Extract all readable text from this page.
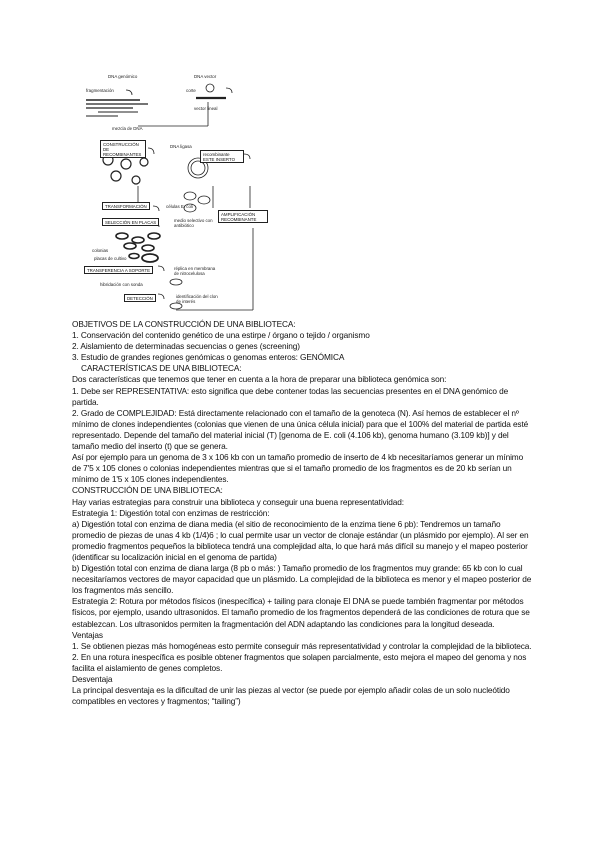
DNA genómico	DNA vector
fragmentación	corte
vector lineal
mezcla de DNA
CONSTRUCCIÓN DE RECOMBINANTES
DNA ligasa
recombinante ESTE INSERTO
TRANSFORMACIÓN	células E. coli
SELECCIÓN EN PLACAS	medio selectivo con antibiótico
AMPLIFICACIÓN RECOMBINANTE
colonias
placas de cultivo
TRANSFERENCIA A SOPORTE	réplica en membrana de nitrocelulosa
hibridación con sonda
DETECCIÓN	identificación del clon de interés

OBJETIVOS DE LA CONSTRUCCIÓN DE UNA BIBLIOTECA:

1. Conservación del contenido genético de una estirpe / órgano o tejido / organismo

2. Aislamiento de determinadas secuencias o genes (screening)

3. Estudio de grandes regiones genómicas o genomas enteros: GENÓMICA

CARACTERÍSTICAS DE UNA BIBLIOTECA:

Dos características que tenemos que tener en cuenta a la hora de preparar una biblioteca genómica son:

1. Debe ser REPRESENTATIVA: esto significa que debe contener todas las secuencias presentes en el DNA genómico de partida.

2. Grado de COMPLEJIDAD: Está directamente relacionado con el tamaño de la genoteca (N). Así hemos de establecer el nº mínimo de clones independientes (colonias que vienen de una única célula inicial) para que el 100% del material de partida esté representado. Depende del tamaño del material inicial (T) [genoma de E. coli (4.106 kb), genoma humano (3.109 kb)] y del tamaño medio del inserto (t) que se genera.

Así por ejemplo para un genoma de 3 x 106 kb con un tamaño promedio de inserto de 4 kb necesitaríamos generar un mínimo de 7'5 x 105 clones o colonias independientes mientras que si el tamaño promedio de los fragmentos es de 20 kb serían un mínimo de 1'5 x 105 clones independientes.

CONSTRUCCIÓN DE UNA BIBLIOTECA:

Hay varias estrategias para construir una biblioteca y conseguir una buena representatividad:

Estrategia 1: Digestión total con enzimas de restricción:

a) Digestión total con enzima de diana media (el sitio de reconocimiento de la enzima tiene 6 pb): Tendremos un tamaño promedio de piezas de unas 4 kb (1/4)6 ; lo cual permite usar un vector de clonaje estándar (un plásmido por ejemplo). Al ser en promedio fragmentos pequeños la biblioteca tendrá una complejidad alta, lo que hará más difícil su manejo y el mapeo posterior (identificar su localización inicial en el genoma de partida)

b) Digestión total con enzima de diana larga (8 pb o más: ) Tamaño promedio de los fragmentos muy grande: 65 kb con lo cual necesitaríamos vectores de mayor capacidad que un plásmido. La complejidad de la biblioteca es menor y el mapeo posterior de los fragmentos más sencillo.

Estrategia 2: Rotura por métodos físicos (inespecífica) + tailing para clonaje El DNA se puede también fragmentar por métodos físicos, por ejemplo, usando ultrasonidos. El tamaño promedio de los fragmentos dependerá de las condiciones de rotura que se establezcan. Los ultrasonidos permiten la fragmentación del ADN adaptando las condiciones para la longitud deseada.

Ventajas

1. Se obtienen piezas más homogéneas esto permite conseguir más representatividad y controlar la complejidad de la biblioteca.

2. En una rotura inespecífica es posible obtener fragmentos que solapen parcialmente, esto mejora el mapeo del genoma y nos facilita el aislamiento de genes completos.

Desventaja

La principal desventaja es la dificultad de unir las piezas al vector (se puede por ejemplo añadir colas de un solo nucleótido compatibles en vectores y fragmentos; “tailing”)
